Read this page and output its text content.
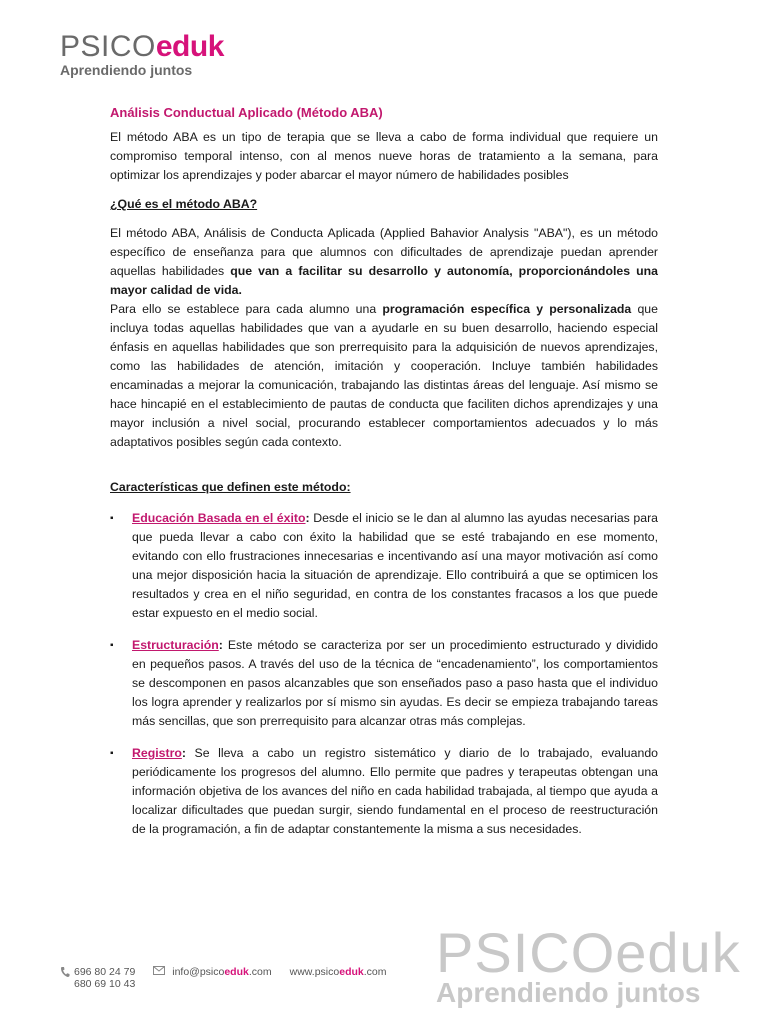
PSICOeduk
Aprendiendo juntos
Análisis Conductual Aplicado (Método ABA)

El método ABA es un tipo de terapia que se lleva a cabo de forma individual que requiere un compromiso temporal intenso, con al menos nueve horas de tratamiento a la semana, para optimizar los aprendizajes y poder abarcar el mayor número de habilidades posibles

¿Qué es el método ABA?

El método ABA, Análisis de Conducta Aplicada (Applied Bahavior Analysis "ABA"), es un método específico de enseñanza para que alumnos con dificultades de aprendizaje puedan aprender aquellas habilidades que van a facilitar su desarrollo y autonomía, proporcionándoles una mayor calidad de vida.

Para ello se establece para cada alumno una programación específica y personalizada que incluya todas aquellas habilidades que van a ayudarle en su buen desarrollo, haciendo especial énfasis en aquellas habilidades que son prerrequisito para la adquisición de nuevos aprendizajes, como las habilidades de atención, imitación y cooperación. Incluye también habilidades encaminadas a mejorar la comunicación, trabajando las distintas áreas del lenguaje. Así mismo se hace hincapié en el establecimiento de pautas de conducta que faciliten dichos aprendizajes y una mayor inclusión a nivel social, procurando establecer comportamientos adecuados y lo más adaptativos posibles según cada contexto.

Características que definen este método:
▪ Educación Basada en el éxito: Desde el inicio se le dan al alumno las ayudas necesarias para que pueda llevar a cabo con éxito la habilidad que se esté trabajando en ese momento, evitando con ello frustraciones innecesarias e incentivando así una mayor motivación así como una mejor disposición hacia la situación de aprendizaje. Ello contribuirá a que se optimicen los resultados y crea en el niño seguridad, en contra de los constantes fracasos a los que puede estar expuesto en el medio social.
▪ Estructuración: Este método se caracteriza por ser un procedimiento estructurado y dividido en pequeños pasos. A través del uso de la técnica de “encadenamiento”, los comportamientos se descomponen en pasos alcanzables que son enseñados paso a paso hasta que el individuo los logra aprender y realizarlos por sí mismo sin ayudas. Es decir se empieza trabajando tareas más sencillas, que son prerrequisito para alcanzar otras más complejas.
▪ Registro: Se lleva a cabo un registro sistemático y diario de lo trabajado, evaluando periódicamente los progresos del alumno. Ello permite que padres y terapeutas obtengan una información objetiva de los avances del niño en cada habilidad trabajada, al tiempo que ayuda a localizar dificultades que puedan surgir, siendo fundamental en el proceso de reestructuración de la programación, a fin de adaptar constantemente la misma a sus necesidades.
696 80 24 79
680 69 10 43
info@psicoeduk.com www.psicoeduk.com PSICOeduk
Aprendiendo juntos
